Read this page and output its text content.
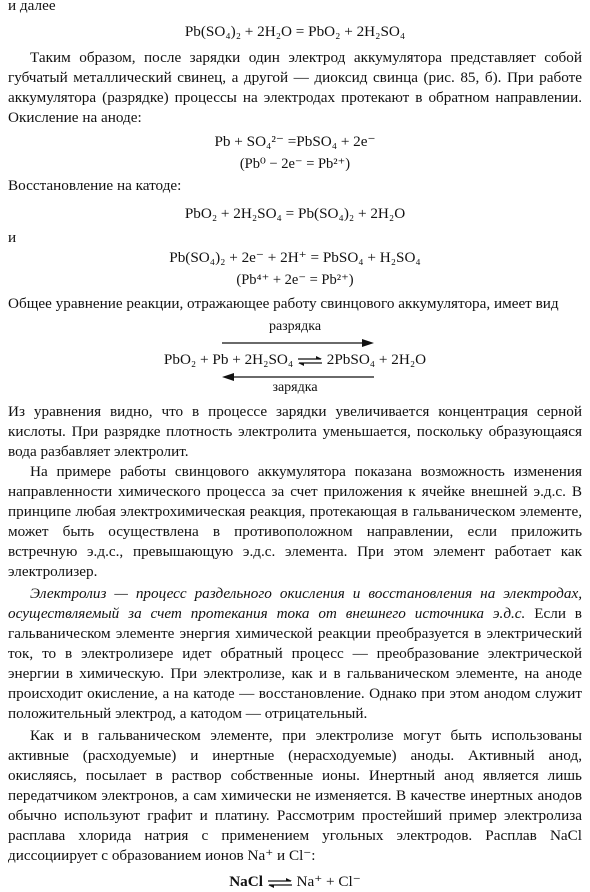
и далее

Pb(SO₄)₂ + 2H₂O = PbO₂ + 2H₂SO₄

Таким образом, после зарядки один электрод аккумулятора представляет собой губчатый металлический свинец, а другой — диоксид свинца (рис. 85, б). При работе аккумулятора (разрядке) процессы на электродах протекают в обратном направлении. Окисление на аноде:

Pb + SO₄²⁻ =PbSO₄ + 2e⁻

(Pb⁰ − 2e⁻ = Pb²⁺)

Восстановление на катоде:

PbO₂ + 2H₂SO₄ = Pb(SO₄)₂ + 2H₂O

и

Pb(SO₄)₂ + 2e⁻ + 2H⁺ = PbSO₄ + H₂SO₄

(Pb⁴⁺ + 2e⁻ = Pb²⁺)

Общее уравнение реакции, отражающее работу свинцового аккумулятора, имеет вид

разрядка
PbO₂ + Pb + 2H₂SO₄ ⇌ 2PbSO₄ + 2H₂O
зарядка

Из уравнения видно, что в процессе зарядки увеличивается концентрация серной кислоты. При разрядке плотность электролита уменьшается, поскольку образующаяся вода разбавляет электролит.

На примере работы свинцового аккумулятора показана возможность изменения направленности химического процесса за счет приложения к ячейке внешней э.д.с. В принципе любая электрохимическая реакция, протекающая в гальваническом элементе, может быть осуществлена в противоположном направлении, если приложить встречную э.д.с., превышающую э.д.с. элемента. При этом элемент работает как электролизер.

Электролиз — процесс раздельного окисления и восстановления на электродах, осуществляемый за счет протекания тока от внешнего источника э.д.с. Если в гальваническом элементе энергия химической реакции преобразуется в электрический ток, то в электролизере идет обратный процесс — преобразование электрической энергии в химическую. При электролизе, как и в гальваническом элементе, на аноде происходит окисление, а на катоде — восстановление. Однако при этом анодом служит положительный электрод, а катодом — отрицательный.

Как и в гальваническом элементе, при электролизе могут быть использованы активные (расходуемые) и инертные (нерасходуемые) аноды. Активный анод, окисляясь, посылает в раствор собственные ионы. Инертный анод является лишь передатчиком электронов, а сам химически не изменяется. В качестве инертных анодов обычно используют графит и платину. Рассмотрим простейший пример электролиза расплава хлорида натрия с применением угольных электродов. Расплав NaCl диссоциирует с образованием ионов Na⁺ и Cl⁻:

NaCl ⇌ Na⁺ + Cl⁻
